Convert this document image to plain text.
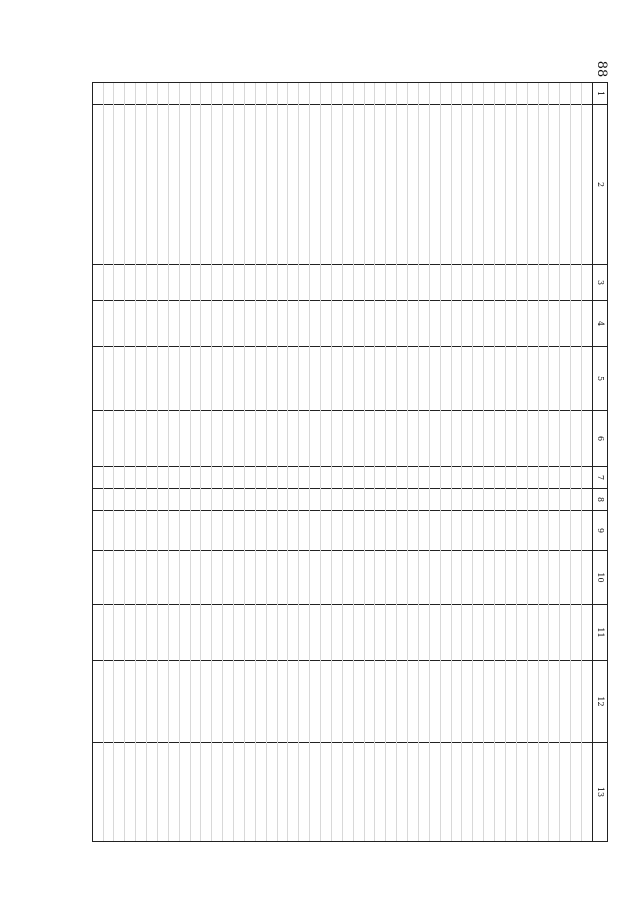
88
1
2
3
4
5
6
7
8
9
10
11
12
13
